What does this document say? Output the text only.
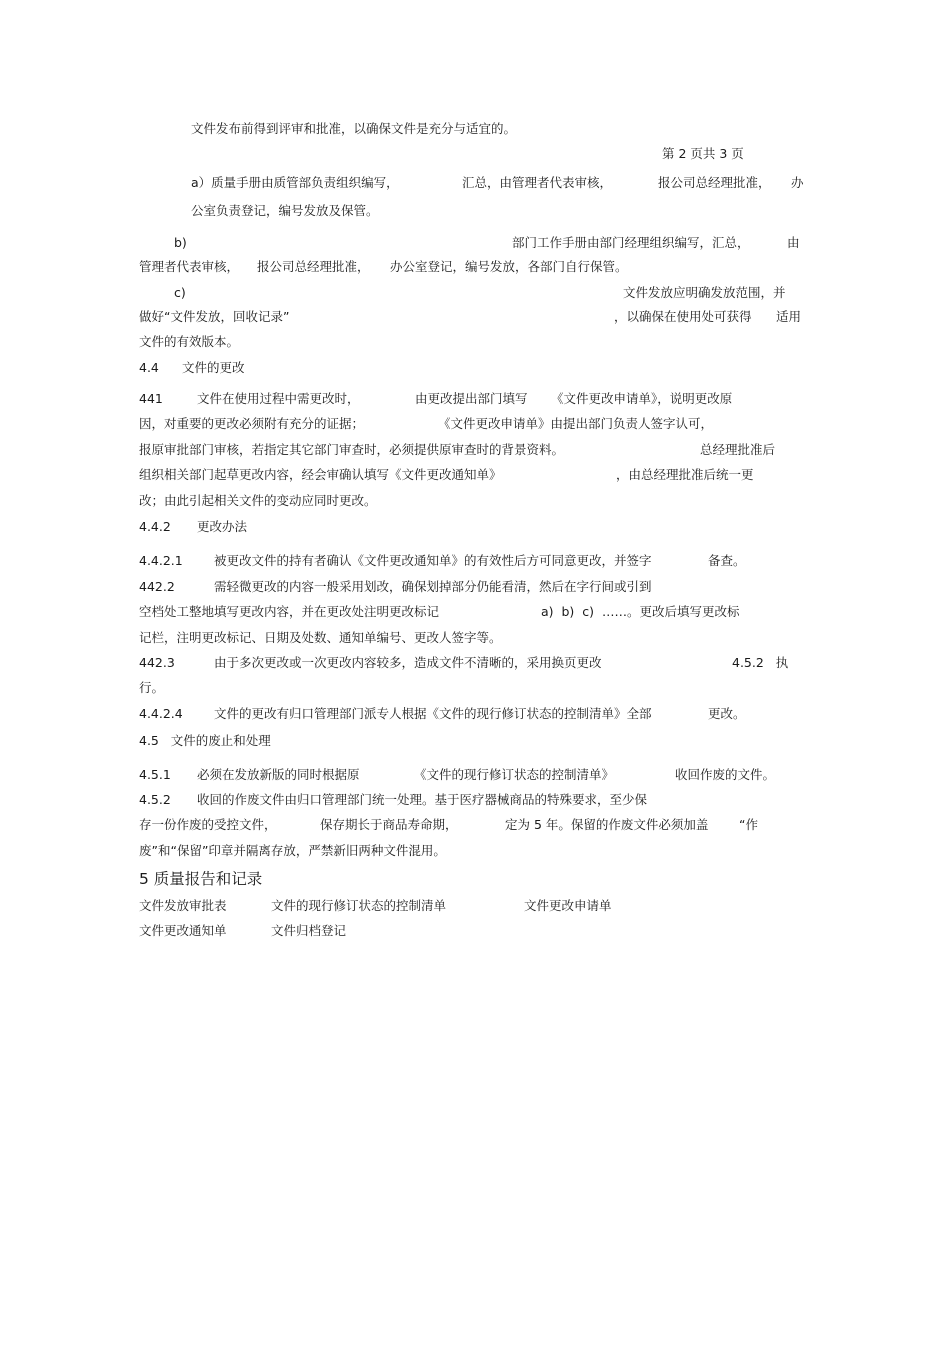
文件发布前得到评审和批准，以确保文件是充分与适宜的。
第 2 页共 3 页
a）质量手册由质管部负责组织编写，	汇总，由管理者代表审核，	报公司总经理批准， 办
公室负责登记，编号发放及保管。
b)	部门工作手册由部门经理组织编写，汇总，	由
管理者代表审核， 报公司总经理批准， 办公室登记，编号发放，各部门自行保管。
c)	文件发放应明确发放范围，并
做好“文件发放，回收记录”	，以确保在使用处可获得 适用
文件的有效版本。
4.4 文件的更改
441	文件在使用过程中需更改时，	由更改提出部门填写 《文件更改申请单》，说明更改原
因，对重要的更改必须附有充分的证据；	《文件更改申请单》由提出部门负责人签字认可，
报原审批部门审核，若指定其它部门审查时，必须提供原审查时的背景资料。	总经理批准后
组织相关部门起草更改内容，经会审确认填写《文件更改通知单》	，由总经理批准后统一更
改；由此引起相关文件的变动应同时更改。
4.4.2 更改办法
4.4.2.1	被更改文件的持有者确认《文件更改通知单》的有效性后方可同意更改，并签字	备查。
442.2	需轻微更改的内容一般采用划改，确保划掉部分仍能看清，然后在字行间或引到
空档处工整地填写更改内容，并在更改处注明更改标记	a)  b)  c)  ……。更改后填写更改标
记栏，注明更改标记、日期及处数、通知单编号、更改人签字等。
442.3	由于多次更改或一次更改内容较多，造成文件不清晰的，采用换页更改	4.5.2   执
行。
4.4.2.4	文件的更改有归口管理部门派专人根据《文件的现行修订状态的控制清单》全部	更改。
4.5   文件的废止和处理
4.5.1 必须在发放新版的同时根据原	《文件的现行修订状态的控制清单》	收回作废的文件。
4.5.2 收回的作废文件由归口管理部门统一处理。基于医疗器械商品的特殊要求，至少保
存一份作废的受控文件，	保存期长于商品寿命期，	定为 5 年。保留的作废文件必须加盖 “作
废”和“保留”印章并隔离存放，严禁新旧两种文件混用。
5 质量报告和记录
文件发放审批表	文件的现行修订状态的控制清单	文件更改申请单
文件更改通知单	文件归档登记
